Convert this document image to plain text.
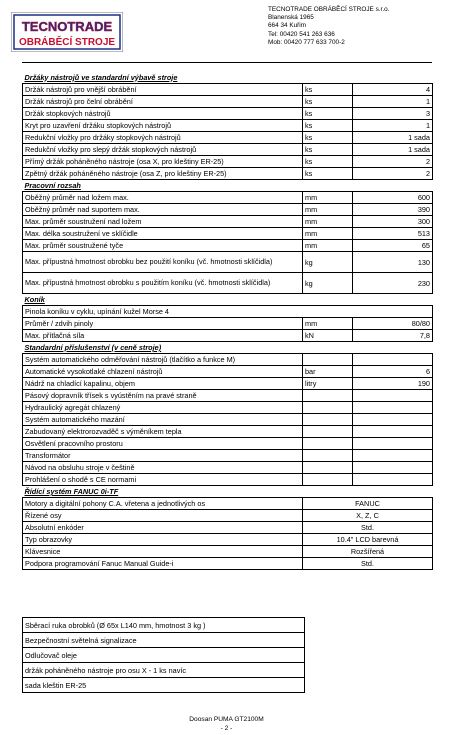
TECNOTRADE
OBRÁBĚCÍ STROJE
TECNOTRADE OBRÁBĚCÍ STROJE s.r.o.
Blanenská 1965
664 34 Kuřim
Tel: 00420 541 263 636
Mob: 00420 777 633 700-2
Držáky nástrojů ve standardní výbavě stroje		
Držák nástrojů pro vnější obrábění	ks	4
Držák nástrojů pro čelní obrábění	ks	1
Držák stopkových nástrojů	ks	3
Kryt pro uzavření držáku stopkových nástrojů	ks	1
Redukční vložky pro držáky stopkových nástrojů	ks	1 sada
Redukční vložky pro slepý držák stopkových nástrojů	ks	1 sada
Přímý držák poháněného nástroje (osa X, pro kleštiny ER-25)	ks	2
Zpětný držák poháněného nástroje (osa Z, pro kleštiny ER-25)	ks	2
Pracovní rozsah		
Oběžný průměr nad ložem max.	mm	600
Oběžný průměr nad suportem max.	mm	390
Max. průměr soustružení nad ložem	mm	300
Max. délka soustružení ve sklíčidle	mm	513
Max. průměr soustružené tyče	mm	65
Max. přípustná hmotnost obrobku bez použití koníku (vč. hmotnosti sklíčidla)	kg	130
Max. přípustná hmotnost obrobku s použitím koníku (vč. hmotnosti sklíčidla)	kg	230
Koník		
Pinola koníku v cyklu, upínání kužel Morse 4		
Průměr / zdvih pinoly	mm	80/80
Max. přítlačná síla	kN	7,8
Standardní příslušenství (v ceně stroje)		
Systém automatického odměřování nástrojů (tlačítko a funkce M)		
Automatické vysokotlaké chlazení nástrojů	bar	6
Nádrž na chladící kapalinu, objem	litry	190
Pásový dopravník třísek s vyústěním na pravé straně		
Hydraulický agregát chlazený		
Systém automatického mazání		
Zabudovaný elektrorozvaděč s výměníkem tepla		
Osvětlení pracovního prostoru		
Transformátor		
Návod na obsluhu stroje v češtině		
Prohlášení o shodě s CE normami		
Řídící systém FANUC 0i-TF		
Motory a digitální pohony C.A. vřetena a jednotlivých os	FANUC	
Řízené osy	X, Z, C	
Absolutní enkóder	Std.	
Typ obrazovky	10.4" LCD barevná	
Klávesnice	Rozšířená	
Podpora programování Fanuc Manual Guide-i	Std.	
Sběrací ruka obrobků (Ø 65x L140 mm, hmotnost 3 kg )
Bezpečnostní světelná signalizace
Odlučovač oleje
držák poháněného nástroje pro osu X - 1 ks navíc
sada kleštin ER-25
Doosan PUMA GT2100M
- 2 -
